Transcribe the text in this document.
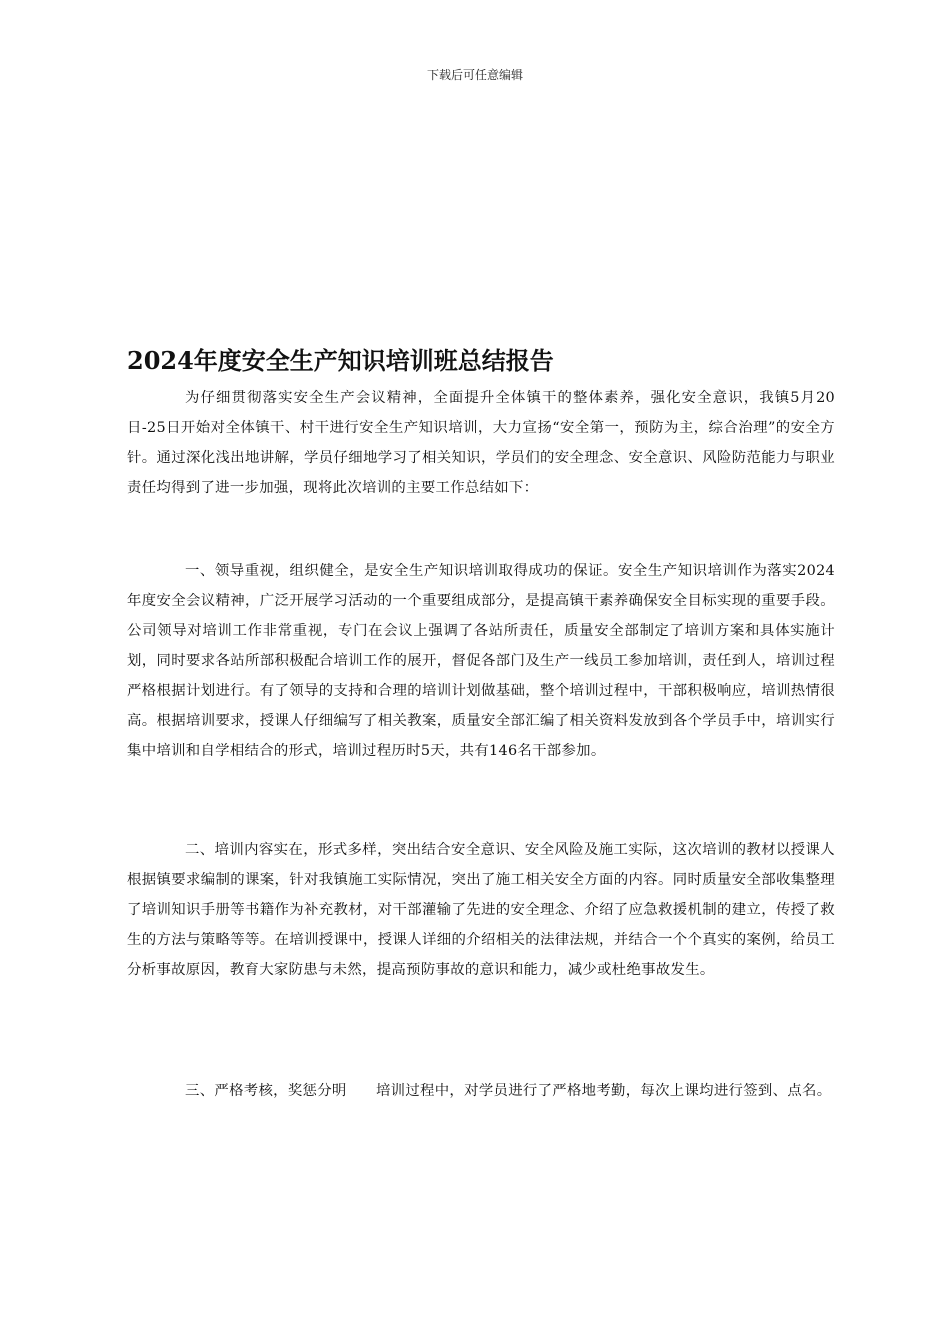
下载后可任意编辑
2024年度安全生产知识培训班总结报告

为仔细贯彻落实安全生产会议精神，全面提升全体镇干的整体素养，强化安全意识，我镇5月20日-25日开始对全体镇干、村干进行安全生产知识培训，大力宣扬“安全第一，预防为主，综合治理”的安全方针。通过深化浅出地讲解，学员仔细地学习了相关知识，学员们的安全理念、安全意识、风险防范能力与职业责任均得到了进一步加强，现将此次培训的主要工作总结如下：

一、领导重视，组织健全，是安全生产知识培训取得成功的保证。安全生产知识培训作为落实2024年度安全会议精神，广泛开展学习活动的一个重要组成部分，是提高镇干素养确保安全目标实现的重要手段。公司领导对培训工作非常重视，专门在会议上强调了各站所责任，质量安全部制定了培训方案和具体实施计划，同时要求各站所部积极配合培训工作的展开，督促各部门及生产一线员工参加培训，责任到人，培训过程严格根据计划进行。有了领导的支持和合理的培训计划做基础，整个培训过程中，干部积极响应，培训热情很高。根据培训要求，授课人仔细编写了相关教案，质量安全部汇编了相关资料发放到各个学员手中，培训实行集中培训和自学相结合的形式，培训过程历时5天，共有146名干部参加。

二、培训内容实在，形式多样，突出结合安全意识、安全风险及施工实际，这次培训的教材以授课人根据镇要求编制的课案，针对我镇施工实际情况，突出了施工相关安全方面的内容。同时质量安全部收集整理了培训知识手册等书籍作为补充教材，对干部灌输了先进的安全理念、介绍了应急救援机制的建立，传授了救生的方法与策略等等。在培训授课中，授课人详细的介绍相关的法律法规，并结合一个个真实的案例，给员工分析事故原因，教育大家防患与未然，提高预防事故的意识和能力，减少或杜绝事故发生。

三、严格考核，奖惩分明　　培训过程中，对学员进行了严格地考勤，每次上课均进行签到、点名。
